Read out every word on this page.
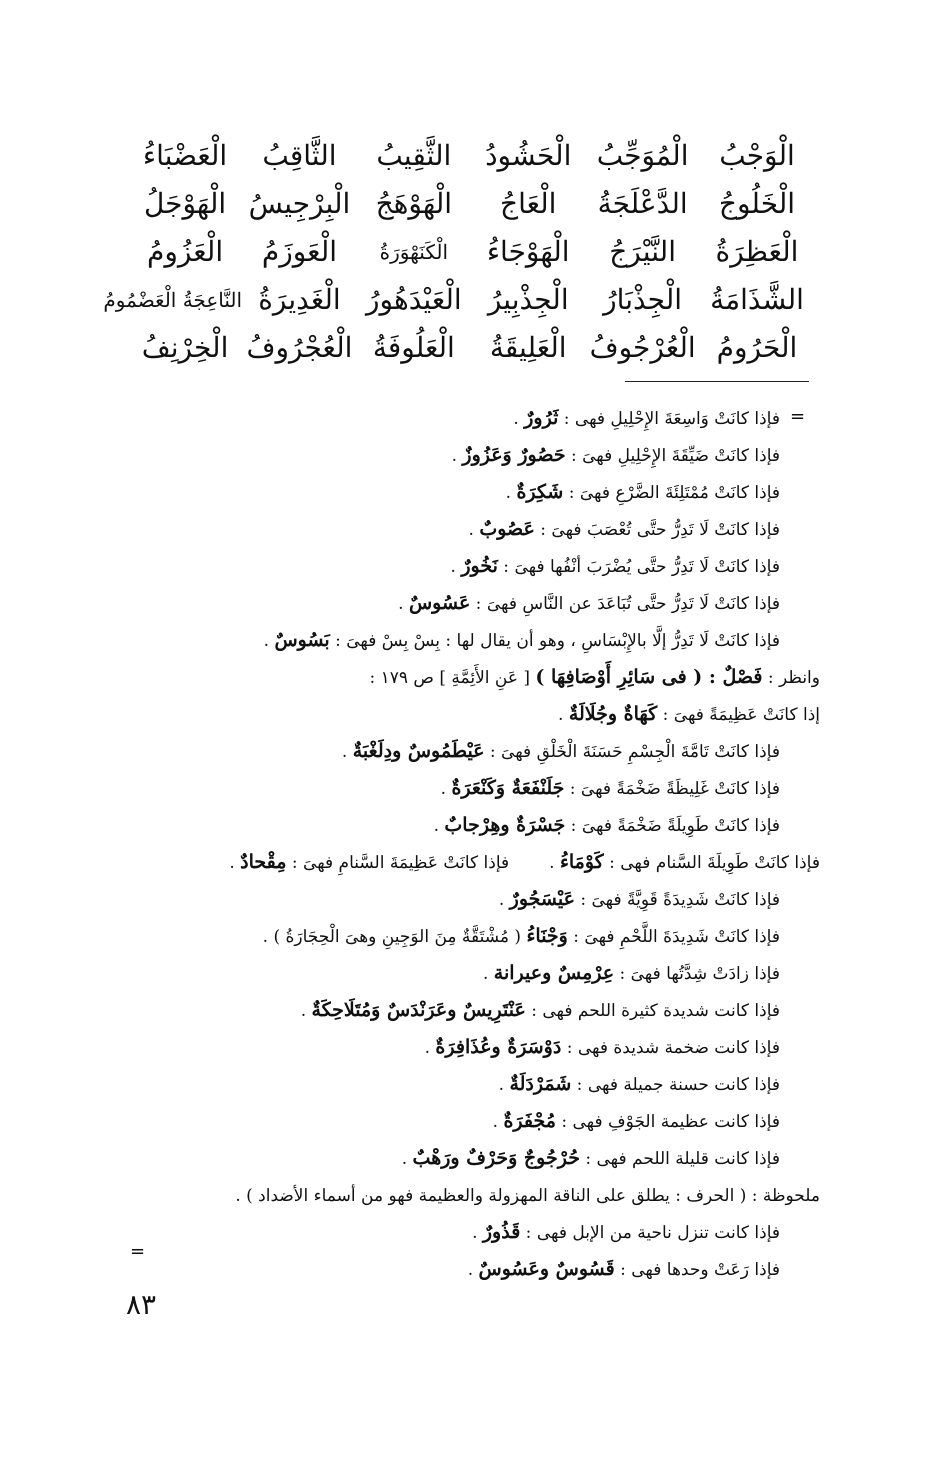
الْوَجْبُ
الْمُوَجِّبُ
الْحَشُودُ
الثَّقِيبُ
الثَّاقِبُ
الْعَضْبَاءُ
الْخَلُوجُ
الدَّعْلَجَةُ
الْعَاجُ
الْهَوْهَجُ
الْبِرْجِيسُ
الْهَوْجَلُ
الْعَظِرَةُ
النَّيْرَجُ
الْهَوْجَاءُ
الْكَنَهْوَرَةُ
الْعَوزَمُ
الْعَزُومُ
الشَّذَامَةُ
الْجِذْبَارُ
الْجِذْبِيرُ
الْعَيْدَهُورُ
الْغَدِيرَةُ
النَّاعِجَةُ الْعَضْمُومُ
الْحَرُومُ
الْعُرْجُوفُ
الْعَلِيقَةُ
الْعَلُوفَةُ
الْعُجْرُوفُ
الْخِرْنِفُ
=
فإذا كانَتْ وَاسِعَةَ الإِحْلِيلِ فهى : ثَرُورٌ .
فإذا كانَتْ ضَيِّقَةَ الإِحْلِيلِ فهىَ : حَصُورٌ وَعَزُوزٌ .
فإذا كانَتْ مُمْتَلِئَةَ الضَّرْعِ فهىَ : شَكِرَةٌ .
فإذا كانَتْ لَا تَدِرُّ حتَّى تُعْصَبَ فهىَ : عَصُوبٌ .
فإذا كانَتْ لَا تَدِرُّ حتَّى يُضْرَبَ أنْفُها فهىَ : نَخُورٌ .
فإذا كانَتْ لَا تَدِرُّ حتَّى تُبَاعَدَ عن النَّاسِ فهىَ : عَسُوسٌ .
فإذا كانَتْ لَا تَدِرُّ إلَّا بالإِبْسَاسِ ، وهو أن يقال لها : بِسْ بِسْ فهىَ : بَسُوسٌ .
وانظر : فَصْلٌ : ( فى سَائِرِ أَوْصَافِهَا ) [ عَنِ الأَئِمَّةِ ] ص ١٧٩ :
إذا كانَتْ عَظِيمَةً فهىَ : كَهَاةٌ وجُلَالَةٌ .
فإذا كانَتْ تَامَّةَ الْجِسْمِ حَسَنَةَ الْخَلْقِ فهىَ : عَيْطَمُوسٌ ودِلَغْبَةٌ .
فإذا كانَتْ غَلِيظَةً ضَخْمَةً فهىَ : جَلَنْفَعَةٌ وَكَنْعَرَةٌ .
فإذا كانَتْ طَوِيلَةً ضَخْمَةً فهىَ : جَسْرَةٌ وهِرْجابٌ .
فإذا كانَتْ طَوِيلَةَ السَّنام فهى : كَوْمَاءُ .فإذا كانَتْ عَظِيمَةَ السَّنامِ فهىَ : مِقْحادٌ .
فإذا كانَتْ شَدِيدَةً قَوِيَّةً فهىَ : عَيْسَجُورٌ .
فإذا كانَتْ شَدِيدَةَ اللَّحْمِ فهىَ : وَجْنَاءُ ( مُشْتَقَّةٌ مِنَ الوَجِينِ وهىَ الْحِجَارَةُ ) .
فإذا زادَتْ شِدَّتُها فهىَ : عِرْمِسٌ وعيرانة .
فإذا كانت شديدة كثيرة اللحم فهى : عَنْتَرِيسٌ وعَرَنْدَسٌ وَمُتَلَاحِكَةٌ .
فإذا كانت ضخمة شديدة فهى : دَوْسَرَةٌ وعُذَافِرَةٌ .
فإذا كانت حسنة جميلة فهى : شَمَرْدَلَةٌ .
فإذا كانت عظيمة الجَوْفِ فهى : مُجْفَرَةٌ .
فإذا كانت قليلة اللحم فهى : حُرْجُوجٌ وَحَرْفٌ ورَهْبٌ .
ملحوظة : ( الحرف : يطلق على الناقة المهزولة والعظيمة فهو من أسماء الأضداد ) .
فإذا كانت تنزل ناحية من الإبل فهى : قَذُورٌ .
فإذا رَعَتْ وحدها فهى : قَسُوسٌ وعَسُوسٌ .
=
٨٣
